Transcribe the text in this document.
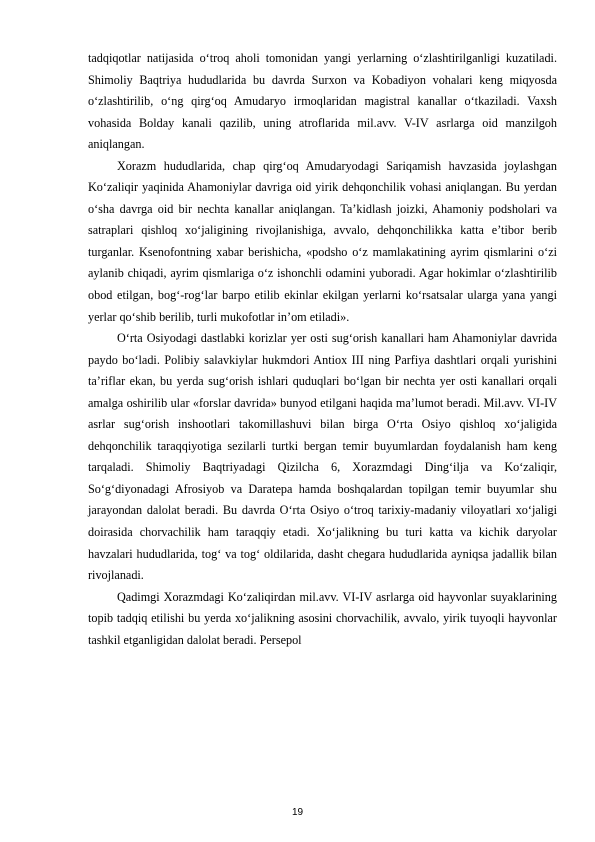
tadqiqotlar natijasida o‘troq aholi tomonidan yangi yerlarning o‘zlashtirilganligi kuzatiladi. Shimoliy Baqtriya hududlarida bu davrda Surxon va Kobadiyon vohalari keng miqyosda o‘zlashtirilib, o‘ng qirg‘oq Amudaryo irmoqlaridan magistral kanallar o‘tkaziladi. Vaxsh vohasida Bolday kanali qazilib, uning atroflarida mil.avv. V-IV asrlarga oid manzilgoh aniqlangan.

Xorazm hududlarida, chap qirg‘oq Amudaryodagi Sariqamish havzasida joylashgan Ko‘zaliqir yaqinida Ahamoniylar davriga oid yirik dehqonchilik vohasi aniqlangan. Bu yerdan o‘sha davrga oid bir nechta kanallar aniqlangan. Ta’kidlash joizki, Ahamoniy podsholari va satraplari qishloq xo‘jaligining rivojlanishiga, avvalo, dehqonchilikka katta e’tibor berib turganlar. Ksenofontning xabar berishicha, «podsho o‘z mamlakatining ayrim qismlarini o‘zi aylanib chiqadi, ayrim qismlariga o‘z ishonchli odamini yuboradi. Agar hokimlar o‘zlashtirilib obod etilgan, bog‘-rog‘lar barpo etilib ekinlar ekilgan yerlarni ko‘rsatsalar ularga yana yangi yerlar qo‘shib berilib, turli mukofotlar in’om etiladi».

O‘rta Osiyodagi dastlabki korizlar yer osti sug‘orish kanallari ham Ahamoniylar davrida paydo bo‘ladi. Polibiy salavkiylar hukmdori Antiox III ning Parfiya dashtlari orqali yurishini ta’riflar ekan, bu yerda sug‘orish ishlari quduqlari bo‘lgan bir nechta yer osti kanallari orqali amalga oshirilib ular «forslar davrida» bunyod etilgani haqida ma’lumot beradi. Mil.avv. VI-IV asrlar sug‘orish inshootlari takomillashuvi bilan birga O‘rta Osiyo qishloq xo‘jaligida dehqonchilik taraqqiyotiga sezilarli turtki bergan temir buyumlardan foydalanish ham keng tarqaladi. Shimoliy Baqtriyadagi Qizilcha 6, Xorazmdagi Ding‘ilja va Ko‘zaliqir, So‘g‘diyonadagi Afrosiyob va Daratepa hamda boshqalardan topilgan temir buyumlar shu jarayondan dalolat beradi. Bu davrda O‘rta Osiyo o‘troq tarixiy-madaniy viloyatlari xo‘jaligi doirasida chorvachilik ham taraqqiy etadi. Xo‘jalikning bu turi katta va kichik daryolar havzalari hududlarida, tog‘ va tog‘ oldilarida, dasht chegara hududlarida ayniqsa jadallik bilan rivojlanadi.

Qadimgi Xorazmdagi Ko‘zaliqirdan mil.avv. VI-IV asrlarga oid hayvonlar suyaklarining topib tadqiq etilishi bu yerda xo‘jalikning asosini chorvachilik, avvalo, yirik tuyoqli hayvonlar tashkil etganligidan dalolat beradi. Persepol

19
